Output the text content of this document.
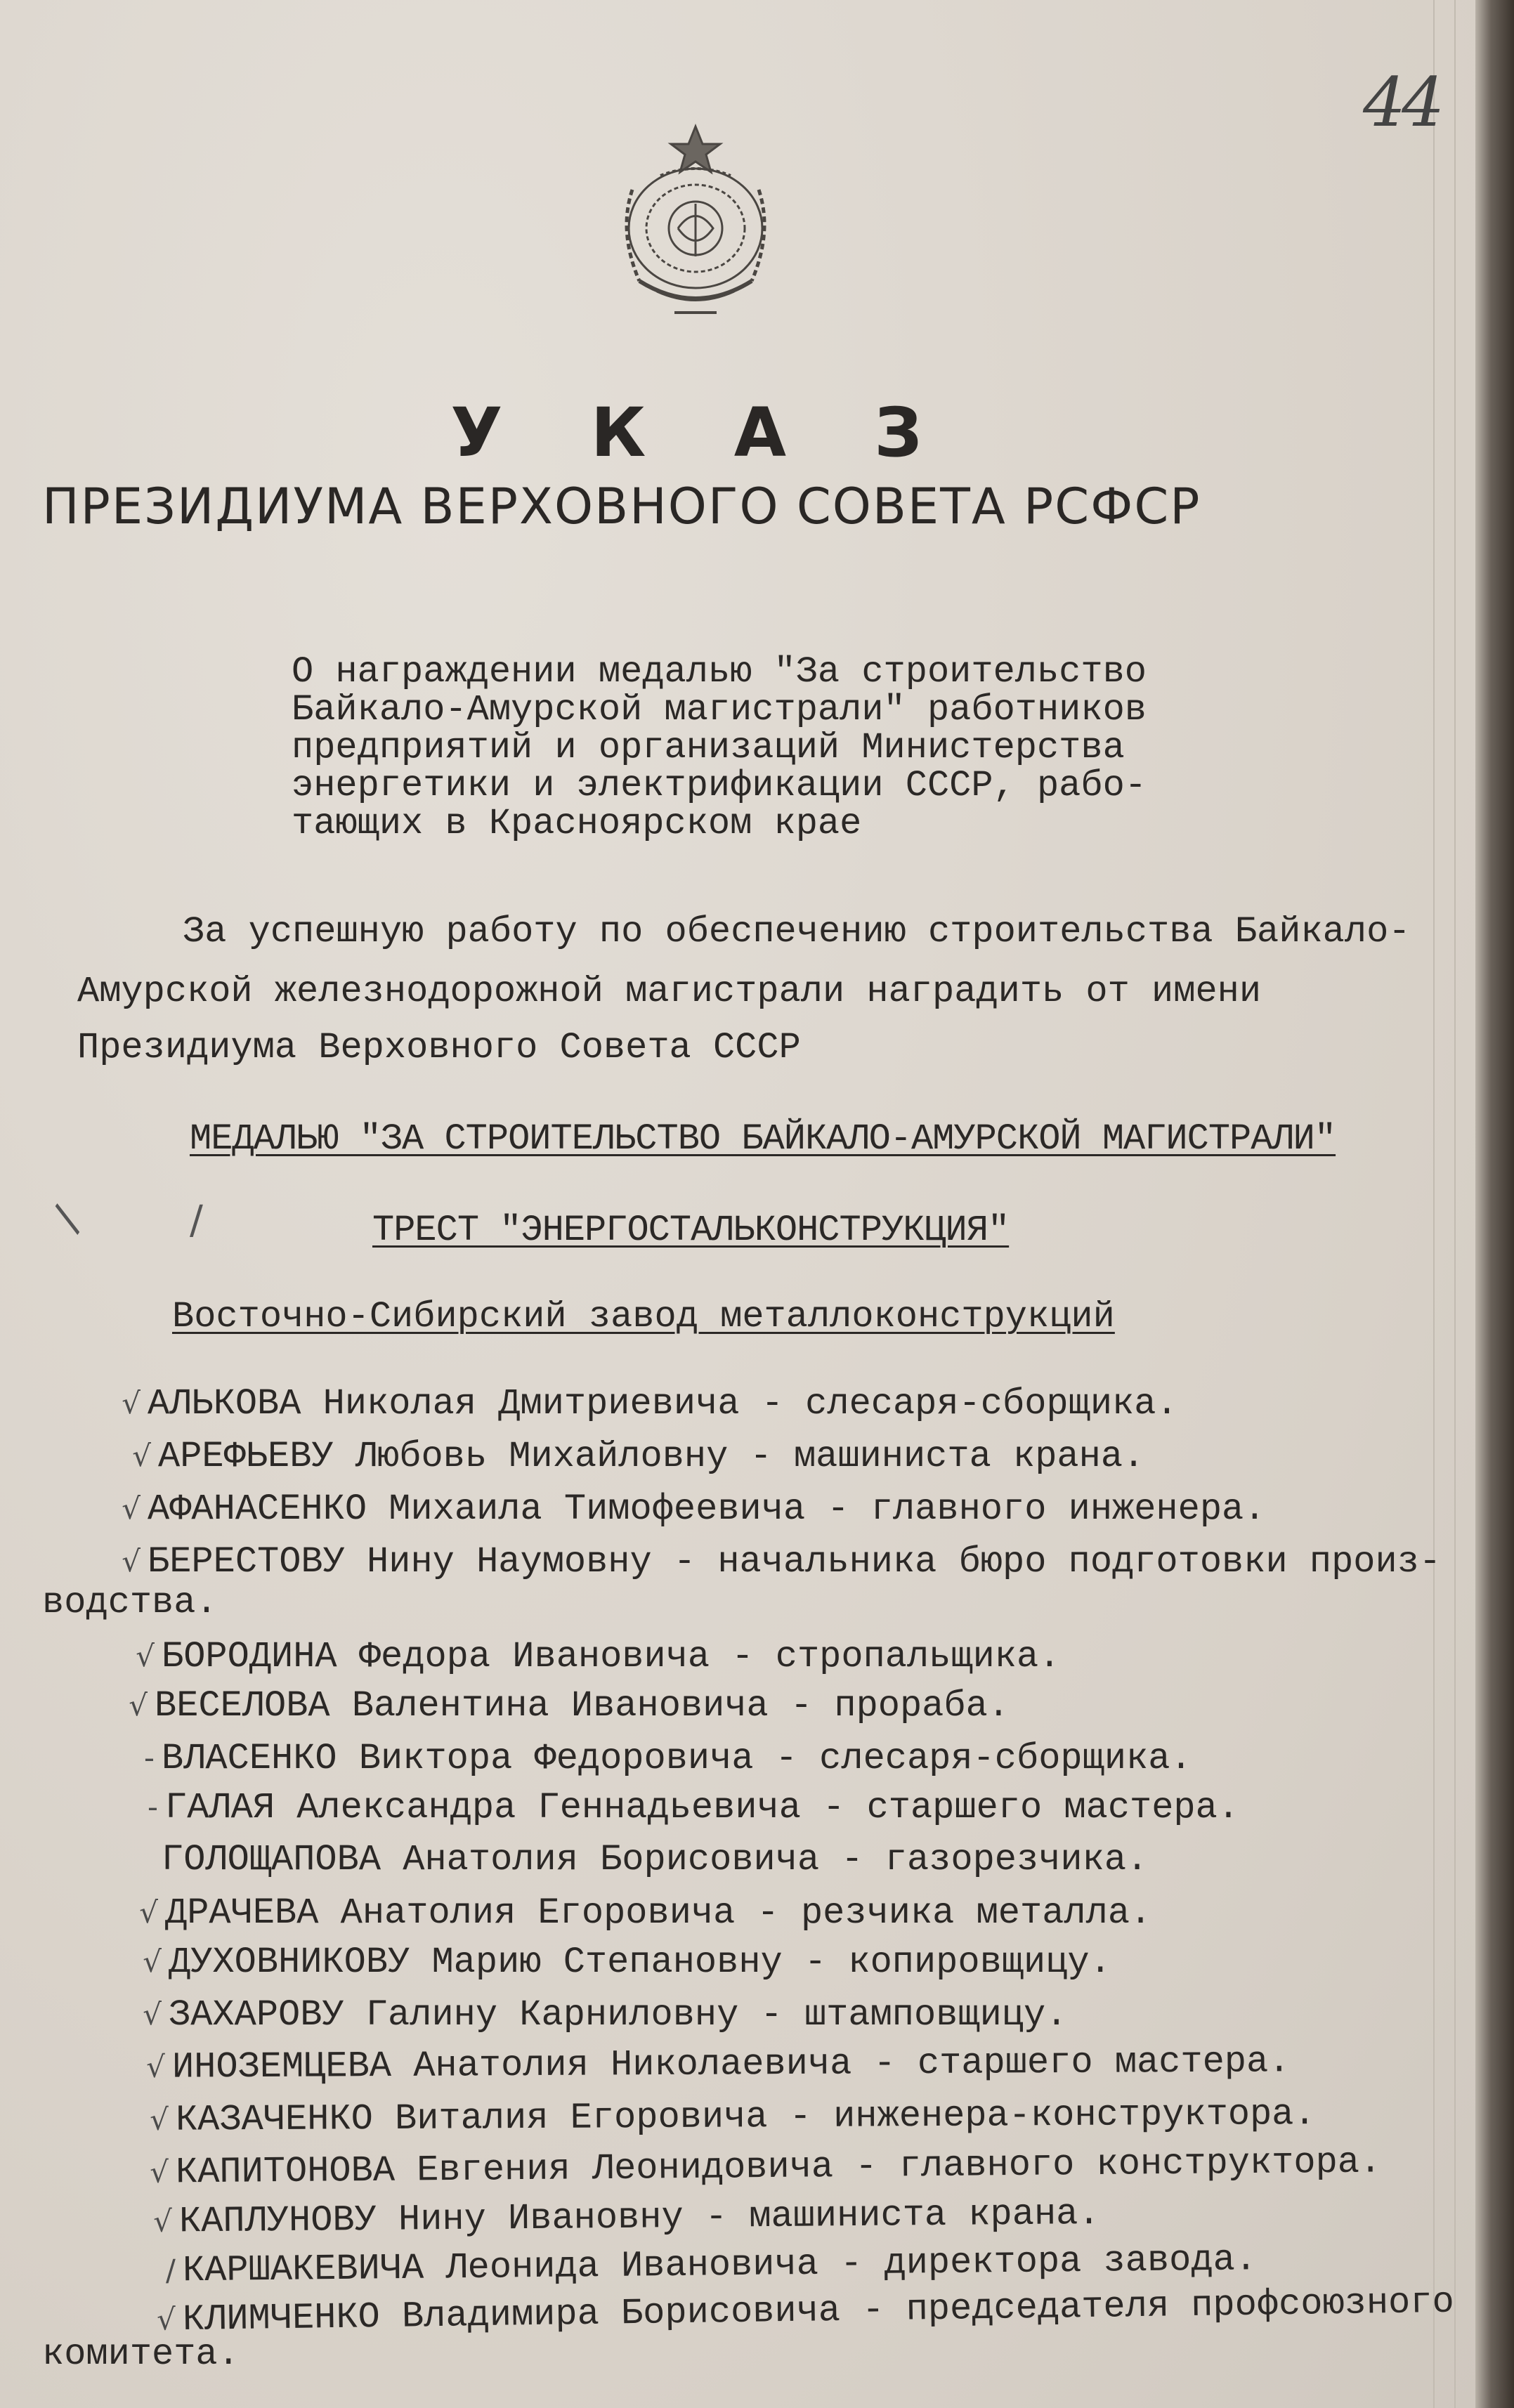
44
У К А З
ПРЕЗИДИУМА ВЕРХОВНОГО СОВЕТА РСФСР
О награждении медалью "За строительство
Байкало-Амурской магистрали" работников
предприятий и организаций Министерства
энергетики и электрификации СССР, рабо-
тающих в Красноярском крае
За успешную работу по обеспечению строительства Байкало-
Амурской железнодорожной магистрали наградить от имени
Президиума Верховного Совета СССР
МЕДАЛЬЮ "ЗА СТРОИТЕЛЬСТВО БАЙКАЛО-АМУРСКОЙ МАГИСТРАЛИ"
/	/	ТРЕСТ "ЭНЕРГОСТАЛЬКОНСТРУКЦИЯ"
Восточно-Сибирский завод металлоконструкций
√ АЛЬКОВА Николая Дмитриевича - слесаря-сборщика.
√ АРЕФЬЕВУ Любовь Михайловну - машиниста крана.
√ АФАНАСЕНКО Михаила Тимофеевича - главного инженера.
√ БЕРЕСТОВУ Нину Наумовну - начальника бюро подготовки произ-
водства.
√ БОРОДИНА Федора Ивановича - стропальщика.
√ ВЕСЕЛОВА Валентина Ивановича - прораба.
- ВЛАСЕНКО Виктора Федоровича - слесаря-сборщика.
- ГАЛАЯ Александра Геннадьевича - старшего мастера.
ГОЛОЩАПОВА Анатолия Борисовича - газорезчика.
√ ДРАЧЕВА Анатолия Егоровича - резчика металла.
√ ДУХОВНИКОВУ Марию Степановну - копировщицу.
√ ЗАХАРОВУ Галину Карниловну - штамповщицу.
√ ИНОЗЕМЦЕВА Анатолия Николаевича - старшего мастера.
√ КАЗАЧЕНКО Виталия Егоровича - инженера-конструктора.
√ КАПИТОНОВА Евгения Леонидовича - главного конструктора.
√ КАПЛУНОВУ Нину Ивановну - машиниста крана.
/ КАРШАКЕВИЧА Леонида Ивановича - директора завода.
√ КЛИМЧЕНКО Владимира Борисовича - председателя профсоюзного
комитета.
